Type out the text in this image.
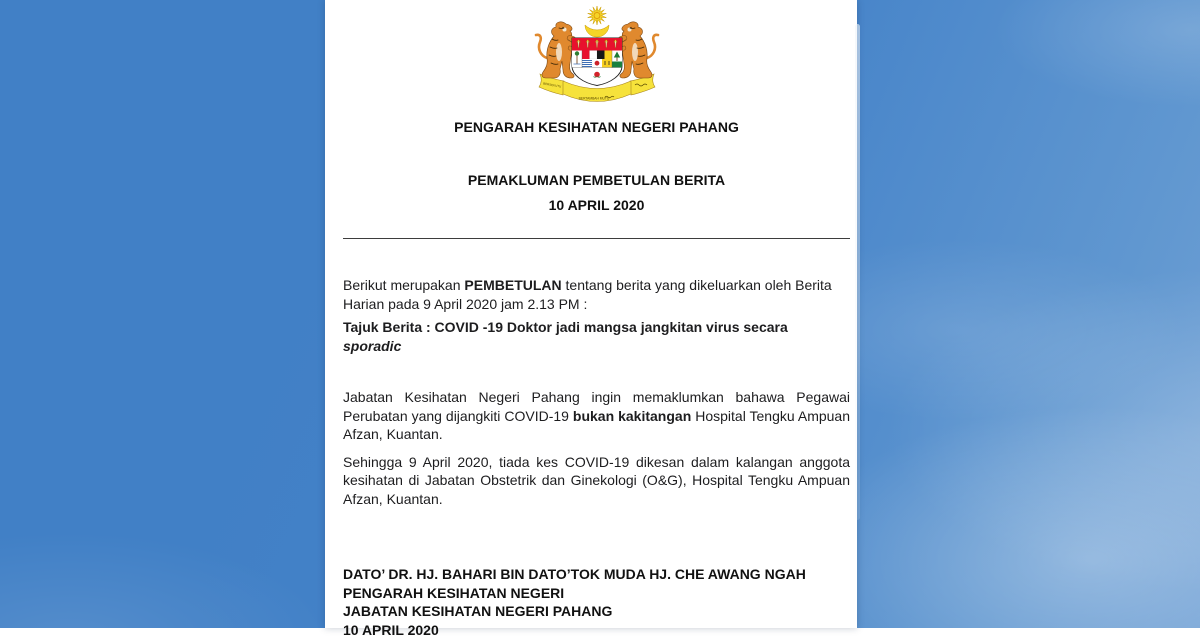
BERSEKUTU
BERTAMBAH MUTU
PENGARAH KESIHATAN NEGERI PAHANG
PEMAKLUMAN PEMBETULAN BERITA
10 APRIL 2020

Berikut merupakan PEMBETULAN tentang berita yang dikeluarkan oleh Berita Harian pada 9 April 2020 jam 2.13 PM :

Tajuk Berita : COVID -19 Doktor jadi mangsa jangkitan virus secara sporadic

Jabatan Kesihatan Negeri Pahang ingin memaklumkan bahawa Pegawai Perubatan yang dijangkiti COVID-19 bukan kakitangan Hospital Tengku Ampuan Afzan, Kuantan.

Sehingga 9 April 2020, tiada kes COVID-19 dikesan dalam kalangan anggota kesihatan di Jabatan Obstetrik dan Ginekologi (O&G), Hospital Tengku Ampuan Afzan, Kuantan.

DATO’ DR. HJ. BAHARI BIN DATO’TOK MUDA HJ. CHE AWANG NGAH
PENGARAH KESIHATAN NEGERI
JABATAN KESIHATAN NEGERI PAHANG
10 APRIL 2020
